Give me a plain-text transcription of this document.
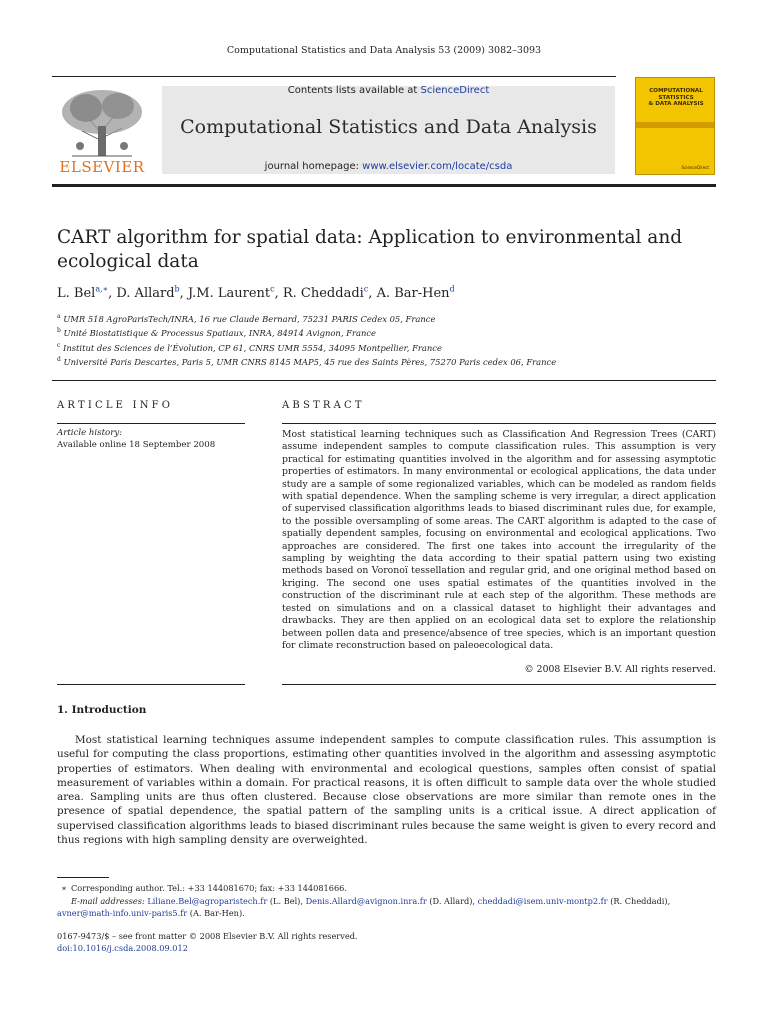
Computational Statistics and Data Analysis 53 (2009) 3082–3093
ELSEVIER
Contents lists available at ScienceDirect
Computational Statistics and Data Analysis
journal homepage: www.elsevier.com/locate/csda
COMPUTATIONAL
STATISTICS
& DATA ANALYSIS
ScienceDirect
CART algorithm for spatial data: Application to environmental and ecological data
L. Bel$^{a,∗}$, D. Allard$^b$, J.M. Laurent$^c$, R. Cheddadi$^c$, A. Bar-Hen$^d$
$^a$ UMR 518 AgroParisTech/INRA, 16 rue Claude Bernard, 75231 PARIS Cedex 05, France
$^b$ Unité Biostatistique & Processus Spatiaux, INRA, 84914 Avignon, France
$^c$ Institut des Sciences de l’Évolution, CP 61, CNRS UMR 5554, 34095 Montpellier, France
$^d$ Université Paris Descartes, Paris 5, UMR CNRS 8145 MAP5, 45 rue des Saints Pères, 75270 Paris cedex 06, France
ARTICLE INFO
Article history:
Available online 18 September 2008
ABSTRACT
Most statistical learning techniques such as Classification And Regression Trees (CART) assume independent samples to compute classification rules. This assumption is very practical for estimating quantities involved in the algorithm and for assessing asymptotic properties of estimators. In many environmental or ecological applications, the data under study are a sample of some regionalized variables, which can be modeled as random fields with spatial dependence. When the sampling scheme is very irregular, a direct application of supervised classification algorithms leads to biased discriminant rules due, for example, to the possible oversampling of some areas. The CART algorithm is adapted to the case of spatially dependent samples, focusing on environmental and ecological applications. Two approaches are considered. The first one takes into account the irregularity of the sampling by weighting the data according to their spatial pattern using two existing methods based on Voronoï tessellation and regular grid, and one original method based on kriging. The second one uses spatial estimates of the quantities involved in the construction of the discriminant rule at each step of the algorithm. These methods are tested on simulations and on a classical dataset to highlight their advantages and drawbacks. They are then applied on an ecological data set to explore the relationship between pollen data and presence/absence of tree species, which is an important question for climate reconstruction based on paleoecological data.
© 2008 Elsevier B.V. All rights reserved.
1. Introduction
Most statistical learning techniques assume independent samples to compute classification rules. This assumption is useful for computing the class proportions, estimating other quantities involved in the algorithm and assessing asymptotic properties of estimators. When dealing with environmental and ecological questions, samples often consist of spatial measurement of variables within a domain. For practical reasons, it is often difficult to sample data over the whole studied area. Sampling units are thus often clustered. Because close observations are more similar than remote ones in the presence of spatial dependence, the spatial pattern of the sampling units is a critical issue. A direct application of supervised classification algorithms leads to biased discriminant rules because the same weight is given to every record and thus regions with high sampling density are overweighted.
∗ Corresponding author. Tel.: +33 144081670; fax: +33 144081666.
E-mail addresses: Liliane.Bel@agroparistech.fr (L. Bel), Denis.Allard@avignon.inra.fr (D. Allard), cheddadi@isem.univ-montp2.fr (R. Cheddadi),
avner@math-info.univ-paris5.fr (A. Bar-Hen).
0167-9473/$ – see front matter © 2008 Elsevier B.V. All rights reserved.
doi:10.1016/j.csda.2008.09.012
